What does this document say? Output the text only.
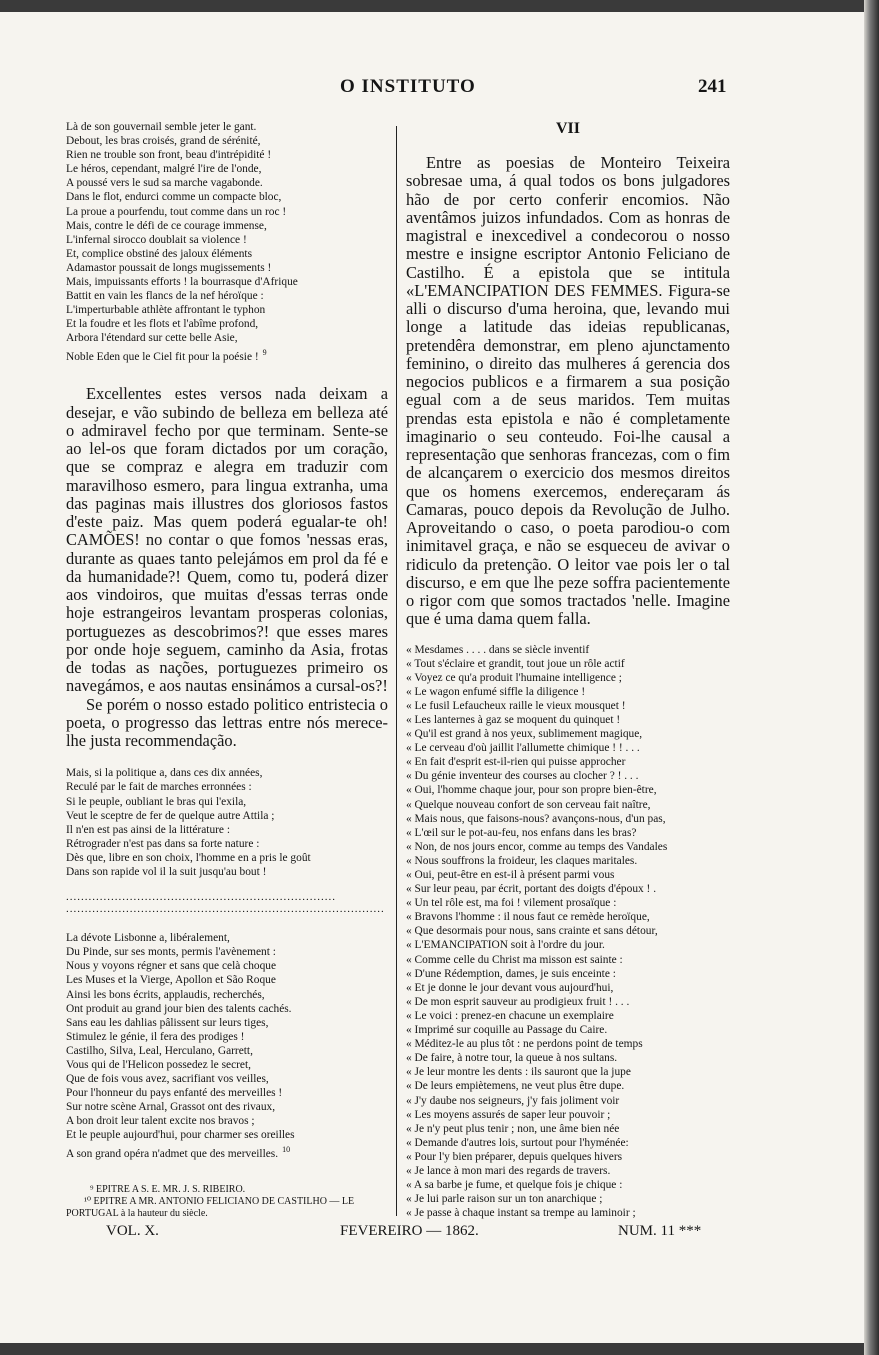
O INSTITUTO	241
Là de son gouvernail semble jeter le gant.
Debout, les bras croisés, grand de sérénité,
Rien ne trouble son front, beau d'intrépidité !
Le héros, cependant, malgré l'ire de l'onde,
A poussé vers le sud sa marche vagabonde.
Dans le flot, endurci comme un compacte bloc,
La proue a pourfendu, tout comme dans un roc !
Mais, contre le défi de ce courage immense,
L'infernal sirocco doublait sa violence !
Et, complice obstiné des jaloux éléments
Adamastor poussait de longs mugissements !
Mais, impuissants efforts ! la bourrasque d'Afrique
Battit en vain les flancs de la nef héroïque :
L'imperturbable athlète affrontant le typhon
Et la foudre et les flots et l'abîme profond,
Arbora l'étendard sur cette belle Asie,
Noble Eden que le Ciel fit pour la poésie ! $^9$

Excellentes estes versos nada deixam a desejar, e vão subindo de belleza em belleza até o admiravel fecho por que terminam. Sente-se ao lel-os que foram dictados por um coração, que se compraz e alegra em traduzir com maravilhoso esmero, para lingua extranha, uma das paginas mais illustres dos gloriosos fastos d'este paiz. Mas quem poderá egualar-te oh! CAMÕES! no contar o que fomos 'nessas eras, durante as quaes tanto pelejámos em prol da fé e da humanidade?! Quem, como tu, poderá dizer aos vindoiros, que muitas d'essas terras onde hoje estrangeiros levantam prosperas colonias, portuguezes as descobrimos?! que esses mares por onde hoje seguem, caminho da Asia, frotas de todas as nações, portuguezes primeiro os navegámos, e aos nautas ensinámos a cursal-os?!

Se porém o nosso estado politico entristecia o poeta, o progresso das lettras entre nós merece-lhe justa recommendação.

Mais, si la politique a, dans ces dix années,
Reculé par le fait de marches erronnées :
Si le peuple, oubliant le bras qui l'exila,
Veut le sceptre de fer de quelque autre Attila ;
Il n'en est pas ainsi de la littérature :
Rétrograder n'est pas dans sa forte nature :
Dès que, libre en son choix, l'homme en a pris le goût
Dans son rapide vol il la suit jusqu'au bout !
........................................................................
.....................................................................................
La dévote Lisbonne a, libéralement,
Du Pinde, sur ses monts, permis l'avènement :
Nous y voyons régner et sans que celà choque
Les Muses et la Vierge, Apollon et São Roque
Ainsi les bons écrits, applaudis, recherchés,
Ont produit au grand jour bien des talents cachés.
Sans eau les dahlias pâlissent sur leurs tiges,
Stimulez le génie, il fera des prodiges !
Castilho, Silva, Leal, Herculano, Garrett,
Vous qui de l'Helicon possedez le secret,
Que de fois vous avez, sacrifiant vos veilles,
Pour l'honneur du pays enfanté des merveilles !
Sur notre scène Arnal, Grassot ont des rivaux,
A bon droit leur talent excite nos bravos ;
Et le peuple aujourd'hui, pour charmer ses oreilles
A son grand opéra n'admet que des merveilles. $^{10}$
⁹ EPITRE A S. E. MR. J. S. RIBEIRO.
¹⁰ EPITRE A MR. ANTONIO FELICIANO DE CASTILHO — LE
PORTUGAL à la hauteur du siècle.
VII

Entre as poesias de Monteiro Teixeira sobresae uma, á qual todos os bons julgadores hão de por certo conferir encomios. Não aventâmos juizos infundados. Com as honras de magistral e inexcedivel a condecorou o nosso mestre e insigne escriptor Antonio Feliciano de Castilho. É a epistola que se intitula «L'EMANCIPATION DES FEMMES. Figura-se alli o discurso d'uma heroina, que, levando mui longe a latitude das ideias republicanas, pretendêra demonstrar, em pleno ajunctamento feminino, o direito das mulheres á gerencia dos negocios publicos e a firmarem a sua posição egual com a de seus maridos. Tem muitas prendas esta epistola e não é completamente imaginario o seu conteudo. Foi-lhe causal a representação que senhoras francezas, com o fim de alcançarem o exercicio dos mesmos direitos que os homens exercemos, endereçaram ás Camaras, pouco depois da Revolução de Julho. Aproveitando o caso, o poeta parodiou-o com inimitavel graça, e não se esqueceu de avivar o ridiculo da pretenção. O leitor vae pois ler o tal discurso, e em que lhe peze soffra pacientemente o rigor com que somos tractados 'nelle. Imagine que é uma dama quem falla.

« Mesdames . . . . dans se siècle inventif
« Tout s'éclaire et grandit, tout joue un rôle actif
« Voyez ce qu'a produit l'humaine intelligence ;
« Le wagon enfumé siffle la diligence !
« Le fusil Lefaucheux raille le vieux mousquet !
« Les lanternes à gaz se moquent du quinquet !
« Qu'il est grand à nos yeux, sublimement magique,
« Le cerveau d'où jaillit l'allumette chimique ! ! . . .
« En fait d'esprit est-il-rien qui puisse approcher
« Du génie inventeur des courses au clocher ? ! . . .
« Oui, l'homme chaque jour, pour son propre bien-être,
« Quelque nouveau confort de son cerveau fait naître,
« Mais nous, que faisons-nous? avançons-nous, d'un pas,
« L'œil sur le pot-au-feu, nos enfans dans les bras?
« Non, de nos jours encor, comme au temps des Vandales
« Nous souffrons la froideur, les claques maritales.
« Oui, peut-être en est-il à présent parmi vous
« Sur leur peau, par écrit, portant des doigts d'époux ! .
« Un tel rôle est, ma foi ! vilement prosaïque :
« Bravons l'homme : il nous faut ce remède heroïque,
« Que desormais pour nous, sans crainte et sans détour,
« L'EMANCIPATION soit à l'ordre du jour.
« Comme celle du Christ ma misson est sainte :
« D'une Rédemption, dames, je suis enceinte :
« Et je donne le jour devant vous aujourd'hui,
« De mon esprit sauveur au prodigieux fruit ! . . .
« Le voici : prenez-en chacune un exemplaire
« Imprimé sur coquille au Passage du Caire.
« Méditez-le au plus tôt : ne perdons point de temps
« De faire, à notre tour, la queue à nos sultans.
« Je leur montre les dents : ils sauront que la jupe
« De leurs empiètemens, ne veut plus être dupe.
« J'y daube nos seigneurs, j'y fais joliment voir
« Les moyens assurés de saper leur pouvoir ;
« Je n'y peut plus tenir ; non, une âme bien née
« Demande d'autres lois, surtout pour l'hyménée:
« Pour l'y bien préparer, depuis quelques hivers
« Je lance à mon mari des regards de travers.
« A sa barbe je fume, et quelque fois je chique :
« Je lui parle raison sur un ton anarchique ;
« Je passe à chaque instant sa trempe au laminoir ;
VOL. X.	FEVEREIRO — 1862.	NUM. 11 ***
